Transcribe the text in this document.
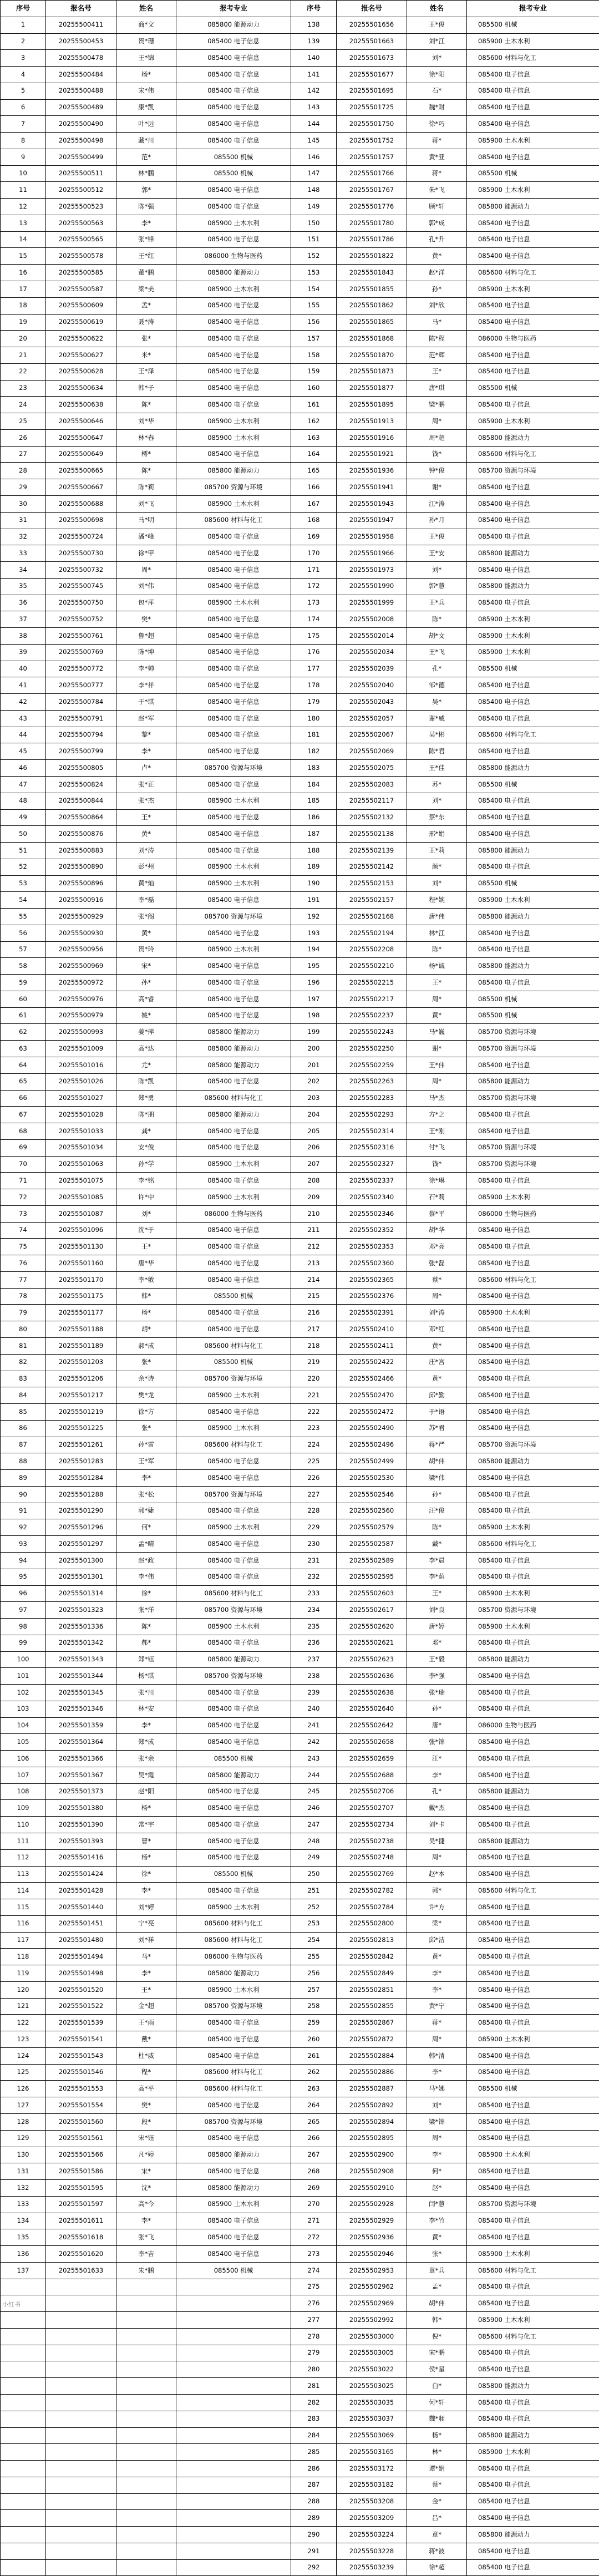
序号	报名号	姓名	报考专业	序号	报名号	姓名	报考专业
1	20255500411	商*文	085800 能源动力	138	20255501656	王*俊	085500 机械
2	20255500453	贺*珊	085400 电子信息	139	20255501663	刘*江	085900 土木水利
3	20255500478	王*锦	085400 电子信息	140	20255501673	刘*	085600 材料与化工
4	20255500484	杨*	085400 电子信息	141	20255501677	徐*阳	085400 电子信息
5	20255500488	宋*伟	085400 电子信息	142	20255501695	石*	085400 电子信息
6	20255500489	康*凯	085400 电子信息	143	20255501725	魏*财	085400 电子信息
7	20255500490	叶*远	085400 电子信息	144	20255501750	徐*巧	085400 电子信息
8	20255500498	藏*川	085400 电子信息	145	20255501752	蒋*	085900 土木水利
9	20255500499	范*	085500 机械	146	20255501757	黄*亚	085400 电子信息
10	20255500511	林*鹏	085500 机械	147	20255501766	蒋*	085500 机械
11	20255500512	郭*	085400 电子信息	148	20255501767	朱*飞	085900 土木水利
12	20255500523	陈*强	085400 电子信息	149	20255501776	顾*轩	085800 能源动力
13	20255500563	李*	085900 土木水利	150	20255501780	郭*成	085400 电子信息
14	20255500565	张*锋	085400 电子信息	151	20255501786	孔*升	085400 电子信息
15	20255500578	王*红	086000 生物与医药	152	20255501822	黄*	085400 电子信息
16	20255500585	董*鹏	085800 能源动力	153	20255501843	赵*洋	085600 材料与化工
17	20255500587	梁*美	085900 土木水利	154	20255501855	孙*	085900 土木水利
18	20255500609	孟*	085400 电子信息	155	20255501862	刘*欣	085400 电子信息
19	20255500619	聂*涛	085400 电子信息	156	20255501865	马*	085400 电子信息
20	20255500622	张*	085400 电子信息	157	20255501868	陈*程	086000 生物与医药
21	20255500627	米*	085400 电子信息	158	20255501870	范*辉	085400 电子信息
22	20255500628	王*泽	085400 电子信息	159	20255501873	王*	085400 电子信息
23	20255500634	韩*子	085400 电子信息	160	20255501877	唐*琪	085500 机械
24	20255500638	陈*	085400 电子信息	161	20255501895	梁*鹏	085400 电子信息
25	20255500646	刘*华	085900 土木水利	162	20255501913	周*	085900 土木水利
26	20255500647	林*春	085900 土木水利	163	20255501916	周*超	085800 能源动力
27	20255500649	樗*	085400 电子信息	164	20255501921	钱*	085600 材料与化工
28	20255500665	陈*	085800 能源动力	165	20255501936	钟*俊	085700 资源与环境
29	20255500667	陈*莉	085700 资源与环境	166	20255501941	谢*	085400 电子信息
30	20255500688	刘*飞	085900 土木水利	167	20255501943	江*涛	085400 电子信息
31	20255500698	马*明	085600 材料与化工	168	20255501947	孙*月	085400 电子信息
32	20255500724	潘*峰	085400 电子信息	169	20255501958	王*俊	085400 电子信息
33	20255500730	徐*甲	085400 电子信息	170	20255501966	王*安	085800 能源动力
34	20255500732	周*	085400 电子信息	171	20255501973	刘*	085400 电子信息
35	20255500745	刘*伟	085400 电子信息	172	20255501990	郭*慧	085800 能源动力
36	20255500750	包*萍	085900 土木水利	173	20255501999	王*兵	085400 电子信息
37	20255500752	樊*	085400 电子信息	174	20255502008	陈*	085900 土木水利
38	20255500761	鲁*超	085400 电子信息	175	20255502014	胡*文	085900 土木水利
39	20255500769	陈*坤	085400 电子信息	176	20255502034	王*飞	085900 土木水利
40	20255500772	李*帅	085400 电子信息	177	20255502039	孔*	085500 机械
41	20255500777	李*祥	085400 电子信息	178	20255502040	邹*德	085400 电子信息
42	20255500784	于*琪	085400 电子信息	179	20255502043	吴*	085400 电子信息
43	20255500791	赵*军	085400 电子信息	180	20255502057	谢*威	085400 电子信息
44	20255500794	黎*	085400 电子信息	181	20255502067	吴*彬	085600 材料与化工
45	20255500799	李*	085400 电子信息	182	20255502069	陈*君	085400 电子信息
46	20255500805	卢*	085700 资源与环境	183	20255502075	王*佳	085800 能源动力
47	20255500824	张*正	085400 电子信息	184	20255502083	苏*	085500 机械
48	20255500844	张*杰	085900 土木水利	185	20255502117	刘*	085400 电子信息
49	20255500864	王*	085400 电子信息	186	20255502132	蔡*东	085400 电子信息
50	20255500876	黄*	085400 电子信息	187	20255502138	邢*娟	085400 电子信息
51	20255500883	刘*涛	085400 电子信息	188	20255502139	王*莉	085800 能源动力
52	20255500890	彭*州	085900 土木水利	189	20255502142	颜*	085400 电子信息
53	20255500896	黄*灿	085900 土木水利	190	20255502153	刘*	085500 机械
54	20255500916	李*磊	085400 电子信息	191	20255502157	程*婉	085900 土木水利
55	20255500929	张*阁	085700 资源与环境	192	20255502168	唐*伟	085800 能源动力
56	20255500930	黄*	085400 电子信息	193	20255502194	林*江	085400 电子信息
57	20255500956	贺*玲	085900 土木水利	194	20255502208	陈*	085400 电子信息
58	20255500969	宋*	085400 电子信息	195	20255502210	杨*诚	085800 能源动力
59	20255500972	孙*	085400 电子信息	196	20255502215	王*	085400 电子信息
60	20255500976	高*睿	085400 电子信息	197	20255502217	周*	085500 机械
61	20255500979	姚*	085400 电子信息	198	20255502237	黄*	085500 机械
62	20255500993	姜*萍	085800 能源动力	199	20255502243	马*巍	085700 资源与环境
63	20255501009	高*达	085800 能源动力	200	20255502250	谢*	085700 资源与环境
64	20255501016	尤*	085800 能源动力	201	20255502259	王*伟	085400 电子信息
65	20255501026	陈*凯	085400 电子信息	202	20255502263	周*	085800 能源动力
66	20255501027	郑*勇	085600 材料与化工	203	20255502283	马*杰	085700 资源与环境
67	20255501028	陈*朋	085800 能源动力	204	20255502293	方*之	085400 电子信息
68	20255501033	龚*	085400 电子信息	205	20255502314	王*刚	085400 电子信息
69	20255501034	安*俊	085400 电子信息	206	20255502316	付*飞	085700 资源与环境
70	20255501063	孙*学	085900 土木水利	207	20255502327	钱*	085700 资源与环境
71	20255501075	李*铭	085400 电子信息	208	20255502337	徐*琳	085400 电子信息
72	20255501085	许*中	085900 土木水利	209	20255502340	石*莉	085900 土木水利
73	20255501087	刘*	086000 生物与医药	210	20255502346	蔡*平	086000 生物与医药
74	20255501096	沈*于	085400 电子信息	211	20255502352	胡*华	085400 电子信息
75	20255501130	王*	085400 电子信息	212	20255502353	邓*亮	085400 电子信息
76	20255501160	唐*华	085400 电子信息	213	20255502360	张*磊	085400 电子信息
77	20255501170	李*敏	085400 电子信息	214	20255502365	蔡*	085600 材料与化工
78	20255501175	韩*	085500 机械	215	20255502376	周*	085400 电子信息
79	20255501177	杨*	085400 电子信息	216	20255502391	刘*涛	085900 土木水利
80	20255501188	胡*	085400 电子信息	217	20255502410	邓*红	085400 电子信息
81	20255501189	郝*成	085600 材料与化工	218	20255502411	黄*	085400 电子信息
82	20255501203	张*	085500 机械	219	20255502422	庄*宫	085400 电子信息
83	20255501206	余*诗	085700 资源与环境	220	20255502466	黄*	085400 电子信息
84	20255501217	樊*龙	085900 土木水利	221	20255502470	邱*勤	085400 电子信息
85	20255501219	徐*方	085400 电子信息	222	20255502472	于*语	085400 电子信息
86	20255501225	张*	085900 土木水利	223	20255502490	苏*君	085400 电子信息
87	20255501261	孙*雷	085600 材料与化工	224	20255502496	蒋*严	085700 资源与环境
88	20255501283	王*军	085400 电子信息	225	20255502499	胡*伟	085800 能源动力
89	20255501284	李*	085400 电子信息	226	20255502530	梁*伟	085400 电子信息
90	20255501288	张*松	085700 资源与环境	227	20255502546	孙*	085400 电子信息
91	20255501290	郭*婕	085400 电子信息	228	20255502560	汪*俊	085400 电子信息
92	20255501296	何*	085900 土木水利	229	20255502579	陈*	085900 土木水利
93	20255501297	孟*晴	085400 电子信息	230	20255502587	戴*	085600 材料与化工
94	20255501300	赵*政	085400 电子信息	231	20255502589	李*晨	085400 电子信息
95	20255501301	李*伟	085400 电子信息	232	20255502595	李*荫	085400 电子信息
96	20255501314	徐*	085600 材料与化工	233	20255502603	王*	085900 土木水利
97	20255501323	张*洋	085700 资源与环境	234	20255502617	刘*良	085700 资源与环境
98	20255501336	陈*	085900 土木水利	235	20255502620	唐*婷	085900 土木水利
99	20255501342	郝*	085400 电子信息	236	20255502621	邓*	085400 电子信息
100	20255501343	郑*钰	085800 能源动力	237	20255502623	王*毅	085800 能源动力
101	20255501344	杨*琪	085700 资源与环境	238	20255502636	李*强	085400 电子信息
102	20255501345	张*川	085400 电子信息	239	20255502638	张*瑞	085400 电子信息
103	20255501346	林*安	085400 电子信息	240	20255502640	孙*	085400 电子信息
104	20255501359	李*	085400 电子信息	241	20255502642	唐*	086000 生物与医药
105	20255501364	郑*成	085400 电子信息	242	20255502658	张*锦	085400 电子信息
106	20255501366	张*余	085500 机械	243	20255502659	江*	085400 电子信息
107	20255501367	吴*霞	085800 能源动力	244	20255502688	李*	085400 电子信息
108	20255501373	赵*阳	085400 电子信息	245	20255502706	孔*	085800 能源动力
109	20255501380	杨*	085400 电子信息	246	20255502707	戴*杰	085400 电子信息
110	20255501390	常*宇	085400 电子信息	247	20255502734	刘*卡	085400 电子信息
111	20255501393	曹*	085400 电子信息	248	20255502738	吴*捷	085800 能源动力
112	20255501416	杨*	085400 电子信息	249	20255502748	周*	085400 电子信息
113	20255501424	徐*	085500 机械	250	20255502769	赵*本	085400 电子信息
114	20255501428	李*	085400 电子信息	251	20255502782	郭*	085600 材料与化工
115	20255501440	刘*婷	085900 土木水利	252	20255502784	许*方	085400 电子信息
116	20255501451	宁*亮	085600 材料与化工	253	20255502800	梁*	085400 电子信息
117	20255501480	刘*祥	085600 材料与化工	254	20255502813	邱*洁	085400 电子信息
118	20255501494	马*	086000 生物与医药	255	20255502842	黄*	085400 电子信息
119	20255501498	李*	085800 能源动力	256	20255502849	李*	085400 电子信息
120	20255501520	王*	085900 土木水利	257	20255502851	李*	085400 电子信息
121	20255501522	金*超	085700 资源与环境	258	20255502855	黄*宁	085400 电子信息
122	20255501539	王*雨	085400 电子信息	259	20255502867	蒋*	085400 电子信息
123	20255501541	戴*	085400 电子信息	260	20255502872	周*	085900 土木水利
124	20255501543	杜*威	085400 电子信息	261	20255502884	韩*清	085400 电子信息
125	20255501546	程*	085600 材料与化工	262	20255502886	李*	085400 电子信息
126	20255501553	高*平	085600 材料与化工	263	20255502887	马*娜	085500 机械
127	20255501554	樊*	085400 电子信息	264	20255502892	刘*	085400 电子信息
128	20255501560	段*	085700 资源与环境	265	20255502894	梁*锦	085400 电子信息
129	20255501561	宋*钰	085400 电子信息	266	20255502895	周*	085400 电子信息
130	20255501566	凡*婷	085800 能源动力	267	20255502900	李*	085900 土木水利
131	20255501586	宋*	085400 电子信息	268	20255502908	何*	085400 电子信息
132	20255501595	沈*	085800 能源动力	269	20255502910	赵*	085400 电子信息
133	20255501597	高*今	085900 土木水利	270	20255502928	闫*慧	085700 资源与环境
134	20255501611	李*	085400 电子信息	271	20255502929	李*竹	085400 电子信息
135	20255501618	张*飞	085400 电子信息	272	20255502936	黄*	085400 电子信息
136	20255501620	李*吉	085400 电子信息	273	20255502946	张*	085900 土木水利
137	20255501633	朱*鹏	085500 机械	274	20255502953	章*兵	085600 材料与化工
				275	20255502962	孟*	085400 电子信息
				276	20255502969	胡*伟	085400 电子信息
				277	20255502992	韩*	085900 土木水利
				278	20255503000	倪*	085600 材料与化工
				279	20255503005	宋*鹏	085400 电子信息
				280	20255503022	侯*星	085400 电子信息
				281	20255503025	白*	085800 能源动力
				282	20255503035	何*轩	085400 电子信息
				283	20255503037	魏*昶	085400 电子信息
				284	20255503069	杨*	085800 能源动力
				285	20255503165	林*	085900 土木水利
				286	20255503172	谭*娟	085400 电子信息
				287	20255503182	蔡*	085400 电子信息
				288	20255503208	金*	085400 电子信息
				289	20255503209	吕*	085400 电子信息
				290	20255503224	章*	085800 能源动力
				291	20255503228	蒋*波	085400 电子信息
				292	20255503239	徐*超	085400 电子信息
小红书
